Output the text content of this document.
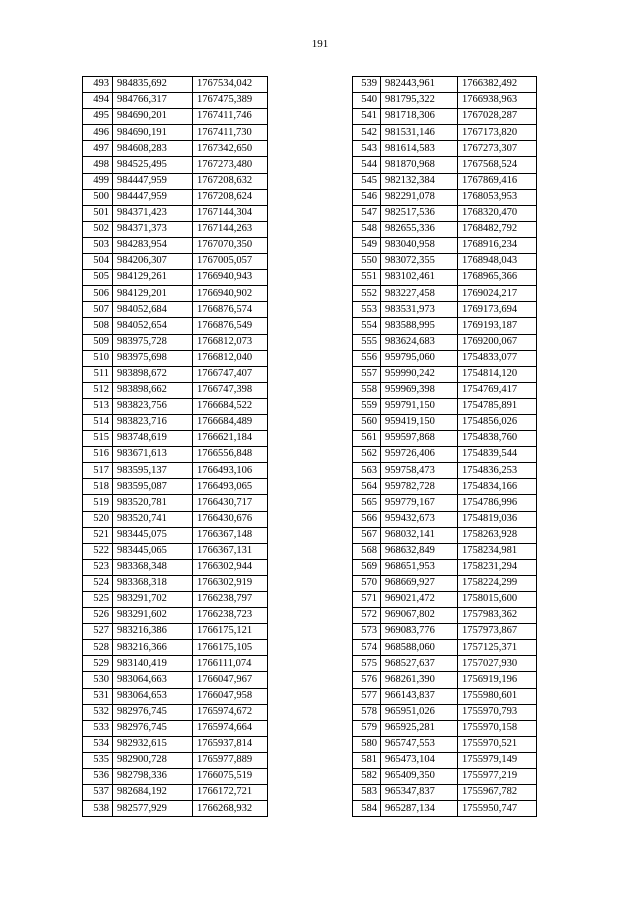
191
493	984835,692	1767534,042
494	984766,317	1767475,389
495	984690,201	1767411,746
496	984690,191	1767411,730
497	984608,283	1767342,650
498	984525,495	1767273,480
499	984447,959	1767208,632
500	984447,959	1767208,624
501	984371,423	1767144,304
502	984371,373	1767144,263
503	984283,954	1767070,350
504	984206,307	1767005,057
505	984129,261	1766940,943
506	984129,201	1766940,902
507	984052,684	1766876,574
508	984052,654	1766876,549
509	983975,728	1766812,073
510	983975,698	1766812,040
511	983898,672	1766747,407
512	983898,662	1766747,398
513	983823,756	1766684,522
514	983823,716	1766684,489
515	983748,619	1766621,184
516	983671,613	1766556,848
517	983595,137	1766493,106
518	983595,087	1766493,065
519	983520,781	1766430,717
520	983520,741	1766430,676
521	983445,075	1766367,148
522	983445,065	1766367,131
523	983368,348	1766302,944
524	983368,318	1766302,919
525	983291,702	1766238,797
526	983291,602	1766238,723
527	983216,386	1766175,121
528	983216,366	1766175,105
529	983140,419	1766111,074
530	983064,663	1766047,967
531	983064,653	1766047,958
532	982976,745	1765974,672
533	982976,745	1765974,664
534	982932,615	1765937,814
535	982900,728	1765977,889
536	982798,336	1766075,519
537	982684,192	1766172,721
538	982577,929	1766268,932
539	982443,961	1766382,492
540	981795,322	1766938,963
541	981718,306	1767028,287
542	981531,146	1767173,820
543	981614,583	1767273,307
544	981870,968	1767568,524
545	982132,384	1767869,416
546	982291,078	1768053,953
547	982517,536	1768320,470
548	982655,336	1768482,792
549	983040,958	1768916,234
550	983072,355	1768948,043
551	983102,461	1768965,366
552	983227,458	1769024,217
553	983531,973	1769173,694
554	983588,995	1769193,187
555	983624,683	1769200,067
556	959795,060	1754833,077
557	959990,242	1754814,120
558	959969,398	1754769,417
559	959791,150	1754785,891
560	959419,150	1754856,026
561	959597,868	1754838,760
562	959726,406	1754839,544
563	959758,473	1754836,253
564	959782,728	1754834,166
565	959779,167	1754786,996
566	959432,673	1754819,036
567	968032,141	1758263,928
568	968632,849	1758234,981
569	968651,953	1758231,294
570	968669,927	1758224,299
571	969021,472	1758015,600
572	969067,802	1757983,362
573	969083,776	1757973,867
574	968588,060	1757125,371
575	968527,637	1757027,930
576	968261,390	1756919,196
577	966143,837	1755980,601
578	965951,026	1755970,793
579	965925,281	1755970,158
580	965747,553	1755970,521
581	965473,104	1755979,149
582	965409,350	1755977,219
583	965347,837	1755967,782
584	965287,134	1755950,747
